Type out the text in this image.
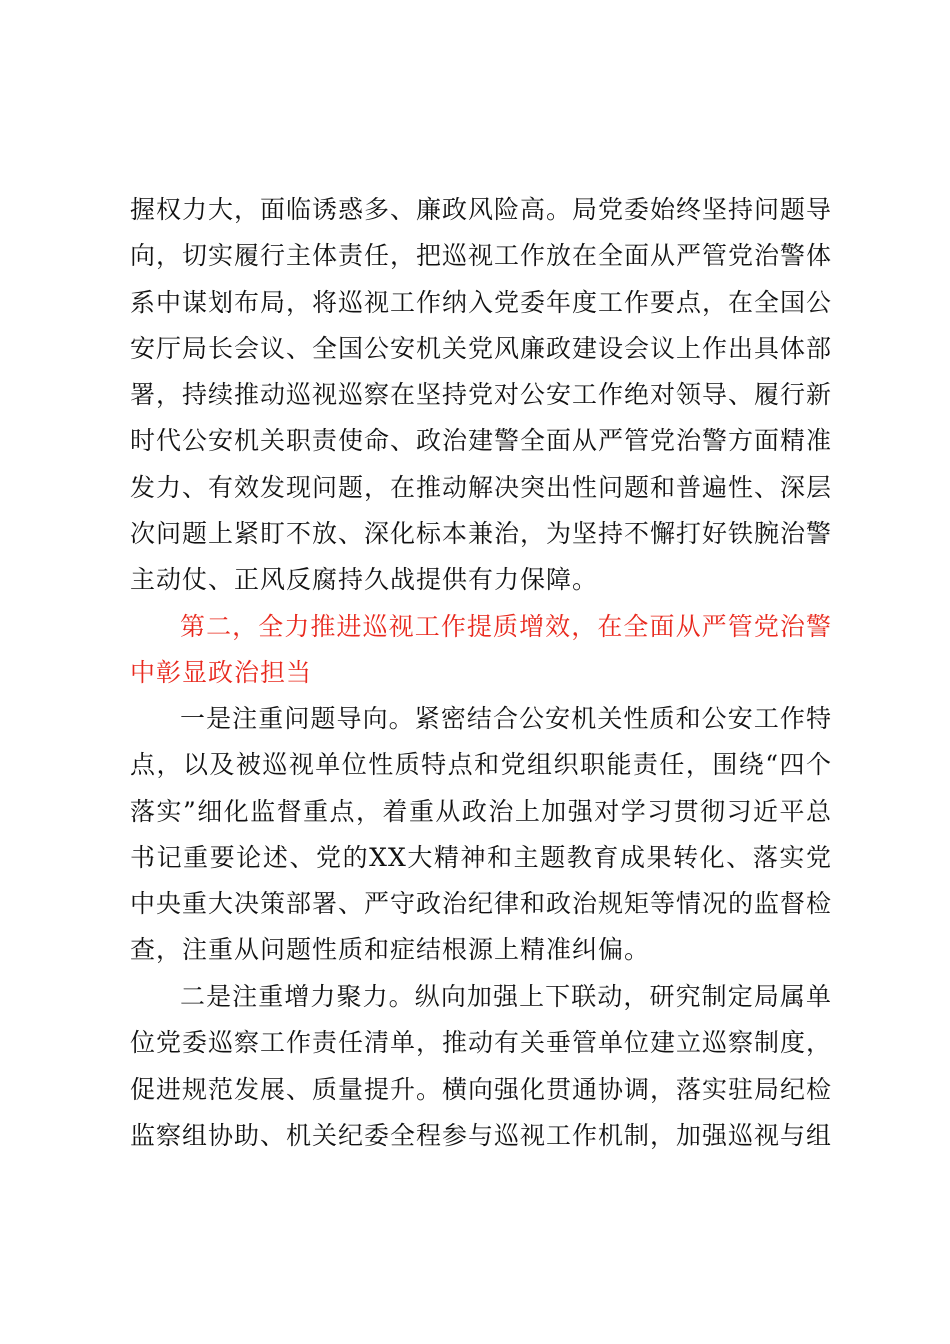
握权力大，面临诱惑多、廉政风险高。局党委始终坚持问题导向，切实履行主体责任，把巡视工作放在全面从严管党治警体系中谋划布局，将巡视工作纳入党委年度工作要点，在全国公安厅局长会议、全国公安机关党风廉政建设会议上作出具体部署，持续推动巡视巡察在坚持党对公安工作绝对领导、履行新时代公安机关职责使命、政治建警全面从严管党治警方面精准发力、有效发现问题，在推动解决突出性问题和普遍性、深层次问题上紧盯不放、深化标本兼治，为坚持不懈打好铁腕治警主动仗、正风反腐持久战提供有力保障。

第二，全力推进巡视工作提质增效，在全面从严管党治警中彰显政治担当

一是注重问题导向。紧密结合公安机关性质和公安工作特点，以及被巡视单位性质特点和党组织职能责任，围绕“四个落实”细化监督重点，着重从政治上加强对学习贯彻习近平总书记重要论述、党的XX大精神和主题教育成果转化、落实党中央重大决策部署、严守政治纪律和政治规矩等情况的监督检查，注重从问题性质和症结根源上精准纠偏。

二是注重增力聚力。纵向加强上下联动，研究制定局属单位党委巡察工作责任清单，推动有关垂管单位建立巡察制度，促进规范发展、质量提升。横向强化贯通协调，落实驻局纪检监察组协助、机关纪委全程参与巡视工作机制，加强巡视与组
